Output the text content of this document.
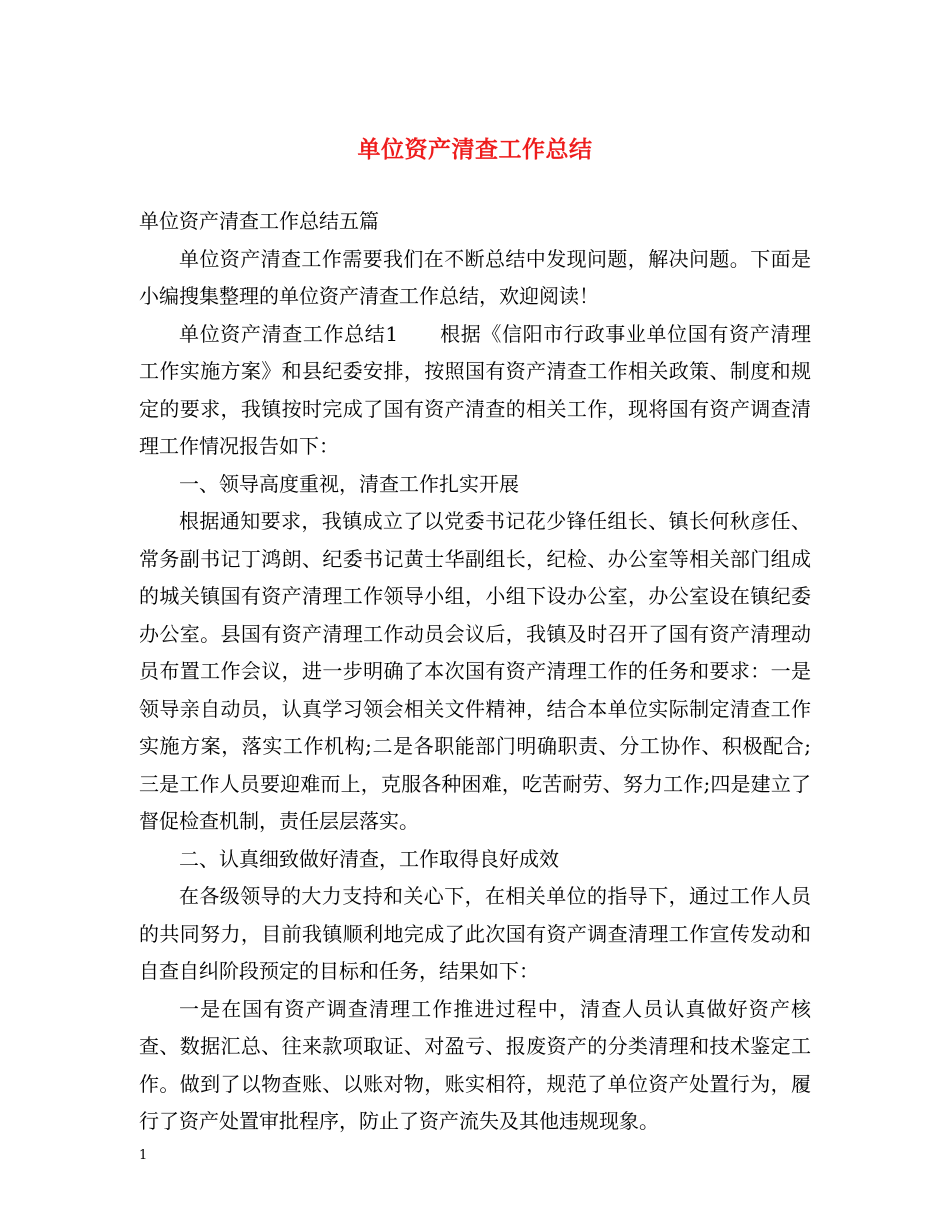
单位资产清查工作总结

单位资产清查工作总结五篇

单位资产清查工作需要我们在不断总结中发现问题，解决问题。下面是小编搜集整理的单位资产清查工作总结，欢迎阅读！

单位资产清查工作总结1　　根据《信阳市行政事业单位国有资产清理工作实施方案》和县纪委安排，按照国有资产清查工作相关政策、制度和规定的要求，我镇按时完成了国有资产清查的相关工作，现将国有资产调查清理工作情况报告如下：

一、领导高度重视，清查工作扎实开展

根据通知要求，我镇成立了以党委书记花少锋任组长、镇长何秋彦任、常务副书记丁鸿朗、纪委书记黄士华副组长，纪检、办公室等相关部门组成的城关镇国有资产清理工作领导小组，小组下设办公室，办公室设在镇纪委办公室。县国有资产清理工作动员会议后，我镇及时召开了国有资产清理动员布置工作会议，进一步明确了本次国有资产清理工作的任务和要求：一是领导亲自动员，认真学习领会相关文件精神，结合本单位实际制定清查工作实施方案，落实工作机构;二是各职能部门明确职责、分工协作、积极配合;三是工作人员要迎难而上，克服各种困难，吃苦耐劳、努力工作;四是建立了督促检查机制，责任层层落实。

二、认真细致做好清查，工作取得良好成效

在各级领导的大力支持和关心下，在相关单位的指导下，通过工作人员的共同努力，目前我镇顺利地完成了此次国有资产调查清理工作宣传发动和自查自纠阶段预定的目标和任务，结果如下：

一是在国有资产调查清理工作推进过程中，清查人员认真做好资产核查、数据汇总、往来款项取证、对盈亏、报废资产的分类清理和技术鉴定工作。做到了以物查账、以账对物，账实相符，规范了单位资产处置行为，履行了资产处置审批程序，防止了资产流失及其他违规现象。

1
